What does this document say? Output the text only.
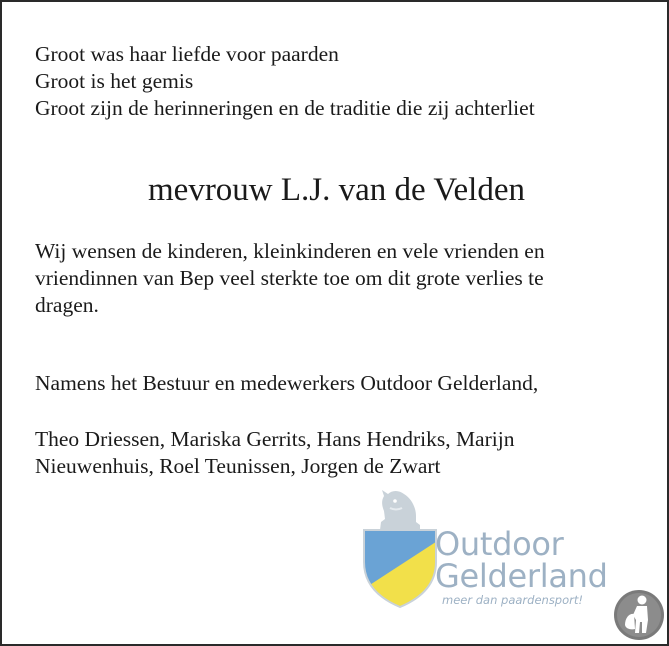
Groot was haar liefde voor paarden
Groot is het gemis
Groot zijn de herinneringen en de traditie die zij achterliet
mevrouw L.J. van de Velden
Wij wensen de kinderen, kleinkinderen en vele vrienden en
vriendinnen van Bep veel sterkte toe om dit grote verlies te
dragen.
Namens het Bestuur en medewerkers Outdoor Gelderland,
Theo Driessen, Mariska Gerrits, Hans Hendriks, Marijn
Nieuwenhuis, Roel Teunissen, Jorgen de Zwart
Outdoor
Gelderland
meer dan paardensport!
